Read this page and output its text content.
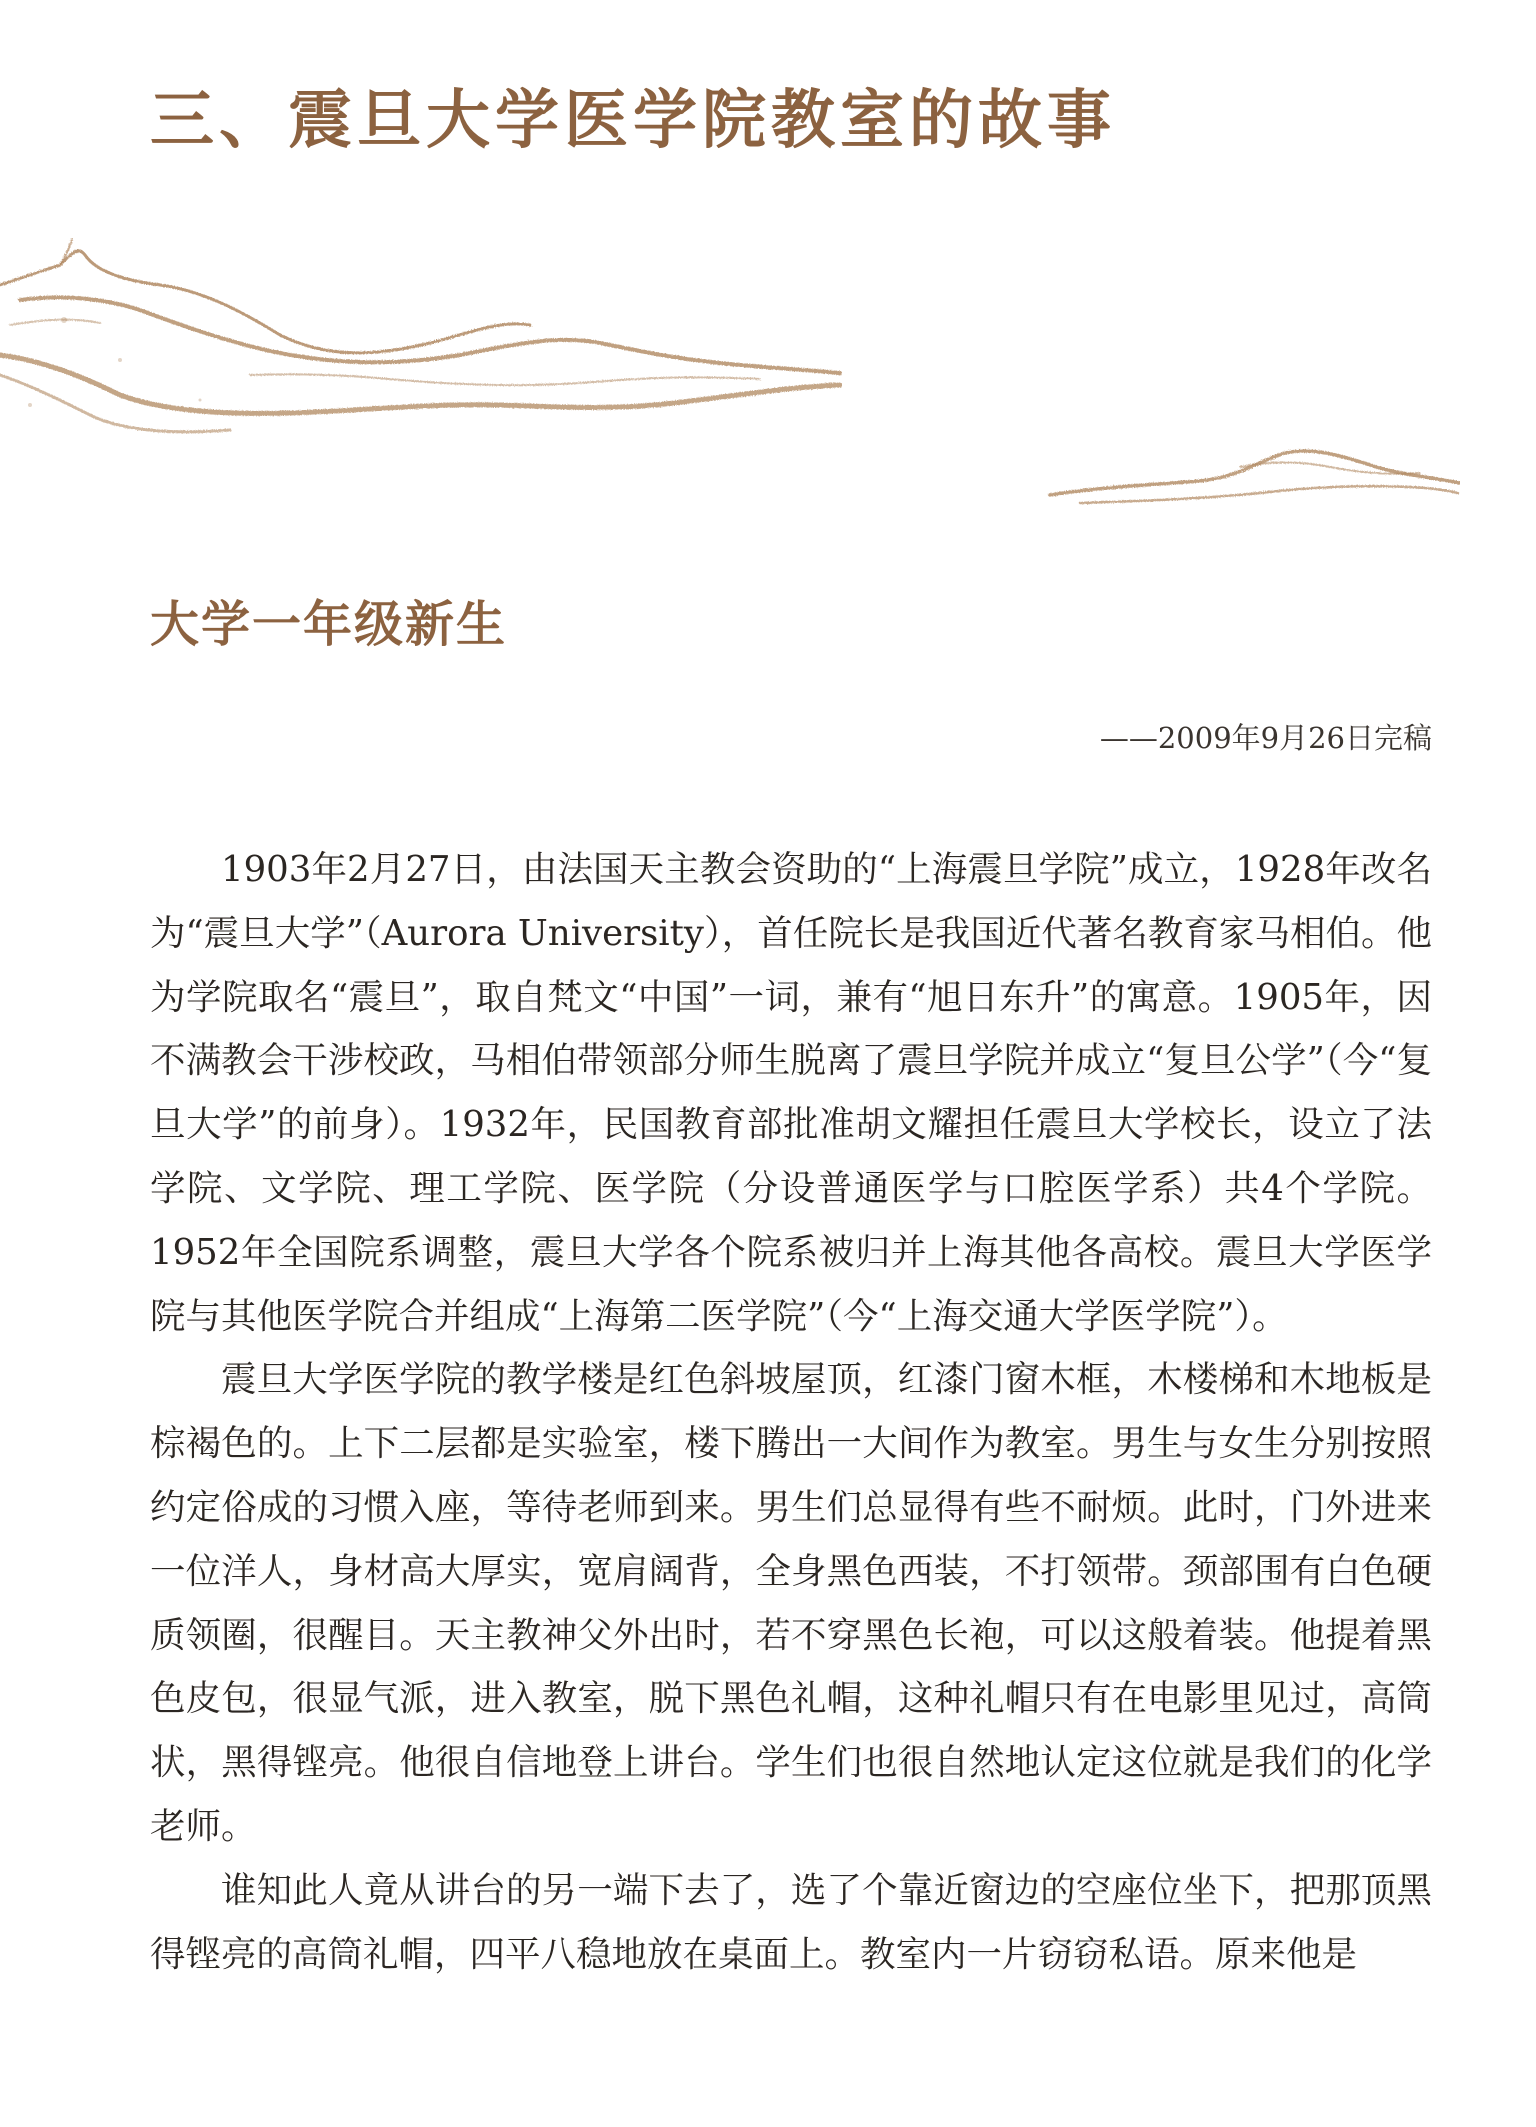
三、震旦大学医学院教室的故事
大学一年级新生
——2009年9月26日完稿

1903年2月27日，由法国天主教会资助的“上海震旦学院”成立，1928年改名为“震旦大学”（Aurora University），首任院长是我国近代著名教育家马相伯。他为学院取名“震旦”，取自梵文“中国”一词，兼有“旭日东升”的寓意。1905年，因不满教会干涉校政，马相伯带领部分师生脱离了震旦学院并成立“复旦公学”（今“复旦大学”的前身）。1932年，民国教育部批准胡文耀担任震旦大学校长，设立了法学院、文学院、理工学院、医学院（分设普通医学与口腔医学系）共4个学院。1952年全国院系调整，震旦大学各个院系被归并上海其他各高校。震旦大学医学院与其他医学院合并组成“上海第二医学院”（今“上海交通大学医学院”）。

震旦大学医学院的教学楼是红色斜坡屋顶，红漆门窗木框，木楼梯和木地板是棕褐色的。上下二层都是实验室，楼下腾出一大间作为教室。男生与女生分别按照约定俗成的习惯入座，等待老师到来。男生们总显得有些不耐烦。此时，门外进来一位洋人，身材高大厚实，宽肩阔背，全身黑色西装，不打领带。颈部围有白色硬质领圈，很醒目。天主教神父外出时，若不穿黑色长袍，可以这般着装。他提着黑色皮包，很显气派，进入教室，脱下黑色礼帽，这种礼帽只有在电影里见过，高筒状，黑得铿亮。他很自信地登上讲台。学生们也很自然地认定这位就是我们的化学老师。

谁知此人竟从讲台的另一端下去了，选了个靠近窗边的空座位坐下，把那顶黑得铿亮的高筒礼帽，四平八稳地放在桌面上。教室内一片窃窃私语。原来他是
